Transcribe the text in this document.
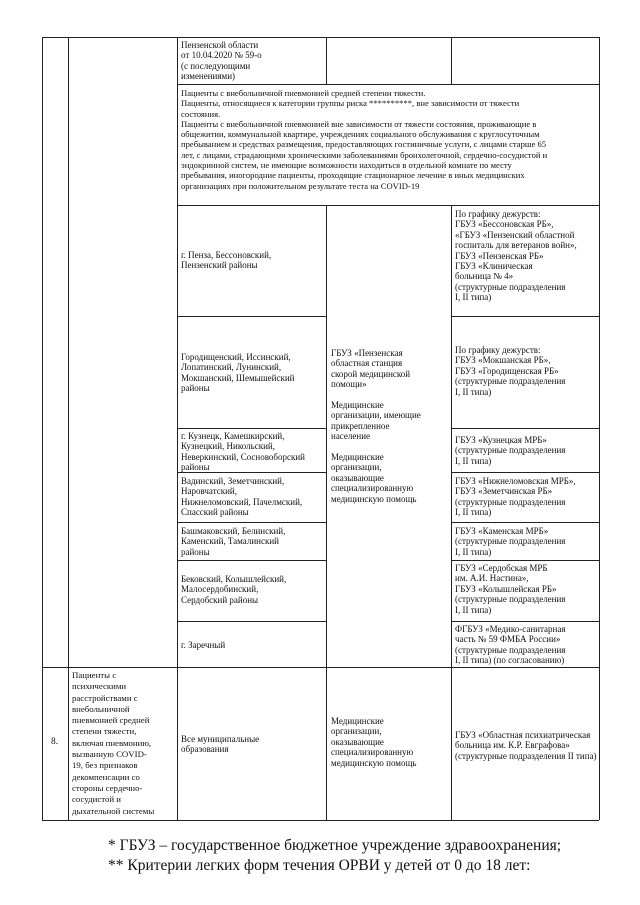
Пензенской области
от 10.04.2020 № 59-о
(с последующими
изменениями)
Пациенты с внебольничной пневмонией средней степени тяжести.
Пациенты, относящиеся к категории группы риска **********, вне зависимости от тяжести
состояния.
Пациенты с внебольничной пневмонией вне зависимости от тяжести состояния, проживающие в
общежитии, коммунальной квартире, учреждениях социального обслуживания с круглосуточным
пребыванием и средствах размещения, предоставляющих гостиничные услуги, с лицами старше 65
лет, с лицами, страдающими хроническими заболеваниями бронхолегочной, сердечно-сосудистой и
эндокринной систем, не имеющие возможности находиться в отдельной комнате по месту
пребывания, иногородние пациенты, проходящие стационарное лечение в иных медицинских
организациях при положительном результате теста на COVID-19
ГБУЗ «Пензенская
областная станция
скорой медицинской
помощи»

Медицинские
организации, имеющие
прикрепленное
население

Медицинские
организации,
оказывающие
специализированную
медицинскую помощь
г. Пенза, Бессоновский,
Пензенский районы
Городищенский, Иссинский,
Лопатинский, Лунинский,
Мокшанский, Шемышейский
районы
г. Кузнецк, Камешкирский,
Кузнецкий, Никольский,
Неверкинский, Сосновоборский
районы
Вадинский, Земетчинский,
Наровчатский,
Нижнеломовский, Пачелмский,
Спасский районы
Башмаковский, Белинский,
Каменский, Тамалинский
районы
Бековский, Колышлейский,
Малосердобинский,
Сердобский районы
г. Заречный
По графику дежурств:
ГБУЗ «Бессоновская РБ»,
«ГБУЗ «Пензенский областной
госпиталь для ветеранов войн»,
ГБУЗ «Пензенская РБ»
ГБУЗ «Клиническая
больница № 4»
(структурные подразделения
I, II типа)
По графику дежурств:
ГБУЗ «Мокшанская РБ»,
ГБУЗ «Городищенская РБ»
(структурные подразделения
I, II типа)
ГБУЗ «Кузнецкая МРБ»
(структурные подразделения
I, II типа)
ГБУЗ «Нижнеломовская МРБ»,
ГБУЗ «Земетчинская РБ»
(структурные подразделения
I, II типа)
ГБУЗ «Каменская МРБ»
(структурные подразделения
I, II типа)
ГБУЗ «Сердобская МРБ
им. А.И. Настина»,
ГБУЗ «Колышлейская РБ»
(структурные подразделения
I, II типа)
ФГБУЗ «Медико-санитарная
часть № 59 ФМБА России»
(структурные подразделения
I, II типа) (по согласованию)
8.
Пациенты с
психическими
расстройствами с
внебольничной
пневмонией средней
степени тяжести,
включая пневмонию,
вызванную COVID-
19, без признаков
декомпенсации со
стороны сердечно-
сосудистой и
дыхательной системы
Все муниципальные
образования
Медицинские
организации,
оказывающие
специализированную
медицинскую помощь
ГБУЗ «Областная психиатрическая
больница им. К.Р. Евграфова»
(структурные подразделения II типа)
* ГБУЗ – государственное бюджетное учреждение здравоохранения;
** Критерии легких форм течения ОРВИ у детей от 0 до 18 лет:
